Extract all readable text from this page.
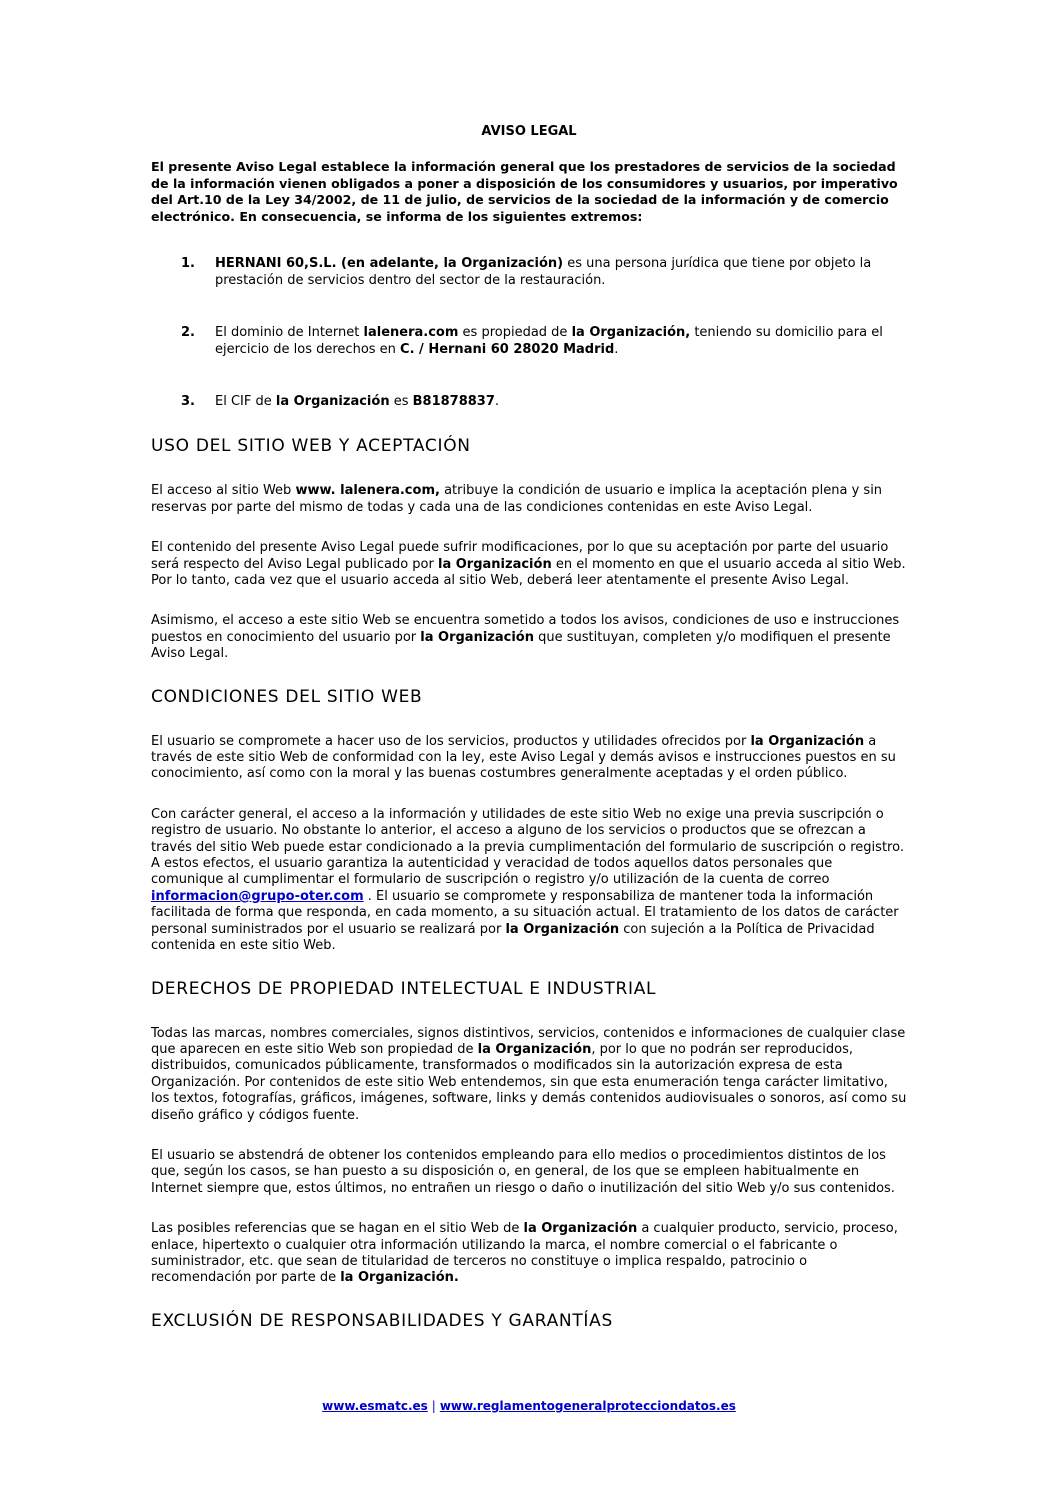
AVISO LEGAL

El presente Aviso Legal establece la información general que los prestadores de servicios de la sociedad de la información vienen obligados a poner a disposición de los consumidores y usuarios, por imperativo del Art.10 de la Ley 34/2002, de 11 de julio, de servicios de la sociedad de la información y de comercio electrónico. En consecuencia, se informa de los siguientes extremos:

1. HERNANI 60,S.L. (en adelante, la Organización) es una persona jurídica que tiene por objeto la prestación de servicios dentro del sector de la restauración.
2. El dominio de Internet lalenera.com es propiedad de la Organización, teniendo su domicilio para el ejercicio de los derechos en C. / Hernani 60 28020 Madrid.
3. El CIF de la Organización es B81878837.
USO DEL SITIO WEB Y ACEPTACIÓN

El acceso al sitio Web www. lalenera.com, atribuye la condición de usuario e implica la aceptación plena y sin reservas por parte del mismo de todas y cada una de las condiciones contenidas en este Aviso Legal.

El contenido del presente Aviso Legal puede sufrir modificaciones, por lo que su aceptación por parte del usuario será respecto del Aviso Legal publicado por la Organización en el momento en que el usuario acceda al sitio Web. Por lo tanto, cada vez que el usuario acceda al sitio Web, deberá leer atentamente el presente Aviso Legal.

Asimismo, el acceso a este sitio Web se encuentra sometido a todos los avisos, condiciones de uso e instrucciones puestos en conocimiento del usuario por la Organización que sustituyan, completen y/o modifiquen el presente Aviso Legal.

CONDICIONES DEL SITIO WEB

El usuario se compromete a hacer uso de los servicios, productos y utilidades ofrecidos por la Organización a través de este sitio Web de conformidad con la ley, este Aviso Legal y demás avisos e instrucciones puestos en su conocimiento, así como con la moral y las buenas costumbres generalmente aceptadas y el orden público.

Con carácter general, el acceso a la información y utilidades de este sitio Web no exige una previa suscripción o registro de usuario. No obstante lo anterior, el acceso a alguno de los servicios o productos que se ofrezcan a través del sitio Web puede estar condicionado a la previa cumplimentación del formulario de suscripción o registro. A estos efectos, el usuario garantiza la autenticidad y veracidad de todos aquellos datos personales que comunique al cumplimentar el formulario de suscripción o registro y/o utilización de la cuenta de correo informacion@grupo-oter.com . El usuario se compromete y responsabiliza de mantener toda la información facilitada de forma que responda, en cada momento, a su situación actual. El tratamiento de los datos de carácter personal suministrados por el usuario se realizará por la Organización con sujeción a la Política de Privacidad contenida en este sitio Web.

DERECHOS DE PROPIEDAD INTELECTUAL E INDUSTRIAL

Todas las marcas, nombres comerciales, signos distintivos, servicios, contenidos e informaciones de cualquier clase que aparecen en este sitio Web son propiedad de la Organización, por lo que no podrán ser reproducidos, distribuidos, comunicados públicamente, transformados o modificados sin la autorización expresa de esta Organización. Por contenidos de este sitio Web entendemos, sin que esta enumeración tenga carácter limitativo, los textos, fotografías, gráficos, imágenes, software, links y demás contenidos audiovisuales o sonoros, así como su diseño gráfico y códigos fuente.

El usuario se abstendrá de obtener los contenidos empleando para ello medios o procedimientos distintos de los que, según los casos, se han puesto a su disposición o, en general, de los que se empleen habitualmente en Internet siempre que, estos últimos, no entrañen un riesgo o daño o inutilización del sitio Web y/o sus contenidos.

Las posibles referencias que se hagan en el sitio Web de la Organización a cualquier producto, servicio, proceso, enlace, hipertexto o cualquier otra información utilizando la marca, el nombre comercial o el fabricante o suministrador, etc. que sean de titularidad de terceros no constituye o implica respaldo, patrocinio o recomendación por parte de la Organización.

EXCLUSIÓN DE RESPONSABILIDADES Y GARANTÍAS
www.esmatc.es | www.reglamentogeneralprotecciondatos.es
